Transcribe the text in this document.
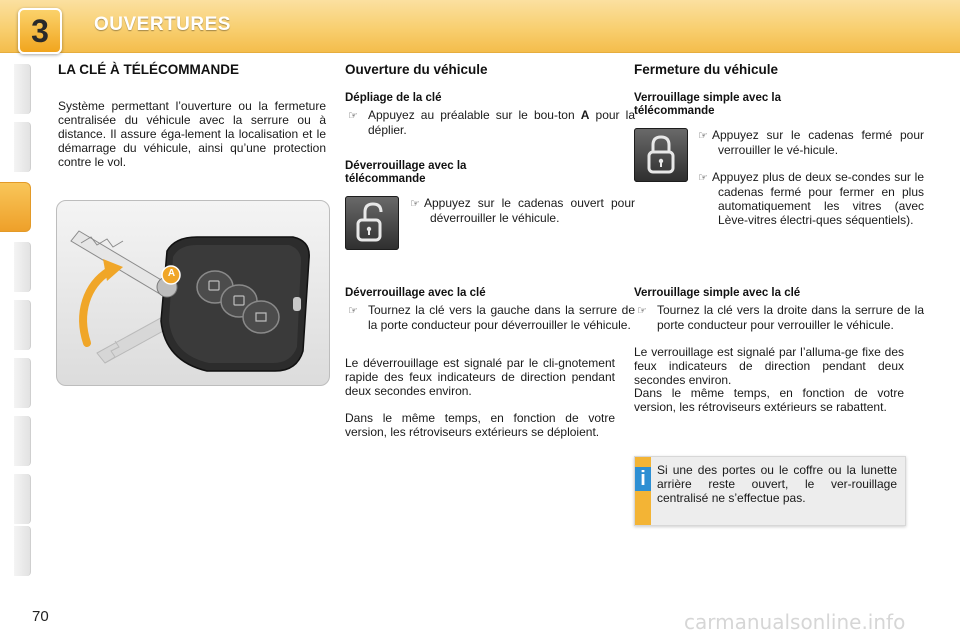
3	OUVERTURES
LA CLÉ À TÉLÉCOMMANDE

Système permettant l’ouverture ou la fermeture centralisée du véhicule avec la serrure ou à distance. Il assure éga-lement la localisation et le démarrage du véhicule, ainsi qu’une protection contre le vol.

A
Ouverture du véhicule

Dépliage de la clé

☞ Appuyez au préalable sur le bou-ton A pour la déplier.

Déverrouillage avec la télécommande

☞ Appuyez sur le cadenas ouvert pour déverrouiller le véhicule.

Déverrouillage avec la clé

☞ Tournez la clé vers la gauche dans la serrure de la porte conducteur pour déverrouiller le véhicule.

Le déverrouillage est signalé par le cli-gnotement rapide des feux indicateurs de direction pendant deux secondes environ.

Dans le même temps, en fonction de votre version, les rétroviseurs extérieurs se déploient.

Fermeture du véhicule

Verrouillage simple avec la télécommande

☞ Appuyez sur le cadenas fermé pour verrouiller le vé-hicule.

☞ Appuyez plus de deux se-condes sur le cadenas fermé pour fermer en plus automatiquement les vitres (avec Lève-vitres électri-ques séquentiels).

Verrouillage simple avec la clé

☞ Tournez la clé vers la droite dans la serrure de la porte conducteur pour verrouiller le véhicule.

Le verrouillage est signalé par l’alluma-ge fixe des feux indicateurs de direction pendant deux secondes environ.

Dans le même temps, en fonction de votre version, les rétroviseurs extérieurs se rabattent.

i Si une des portes ou le coffre ou la lunette arrière reste ouvert, le ver-rouillage centralisé ne s’effectue pas.

70	carmanualsonline.info
